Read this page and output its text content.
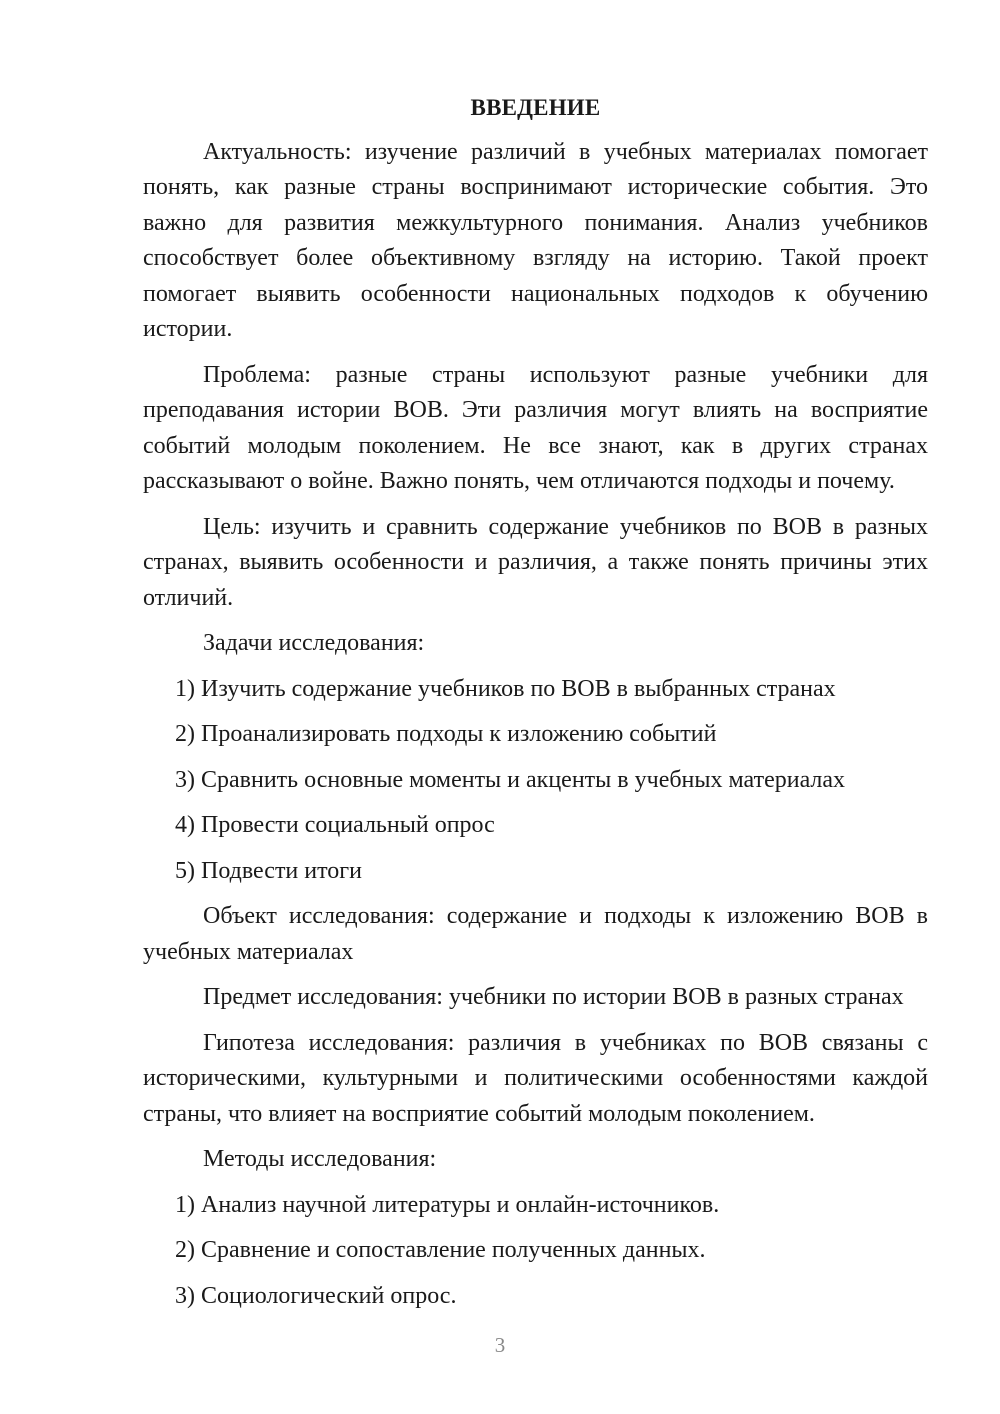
ВВЕДЕНИЕ

Актуальность: изучение различий в учебных материалах помогает понять, как разные страны воспринимают исторические события. Это важно для развития межкультурного понимания. Анализ учебников способствует более объективному взгляду на историю. Такой проект помогает выявить особенности национальных подходов к обучению истории.

Проблема: разные страны используют разные учебники для преподавания истории ВОВ. Эти различия могут влиять на восприятие событий молодым поколением. Не все знают, как в других странах рассказывают о войне. Важно понять, чем отличаются подходы и почему.

Цель: изучить и сравнить содержание учебников по ВОВ в разных странах, выявить особенности и различия, а также понять причины этих отличий.

Задачи исследования:

1) Изучить содержание учебников по ВОВ в выбранных странах

2) Проанализировать подходы к изложению событий

3) Сравнить основные моменты и акценты в учебных материалах

4) Провести социальный опрос

5) Подвести итоги

Объект исследования: содержание и подходы к изложению ВОВ в учебных материалах

Предмет исследования: учебники по истории ВОВ в разных странах

Гипотеза исследования: различия в учебниках по ВОВ связаны с историческими, культурными и политическими особенностями каждой страны, что влияет на восприятие событий молодым поколением.

Методы исследования:

1) Анализ научной литературы и онлайн-источников.

2) Сравнение и сопоставление полученных данных.

3) Социологический опрос.

3
